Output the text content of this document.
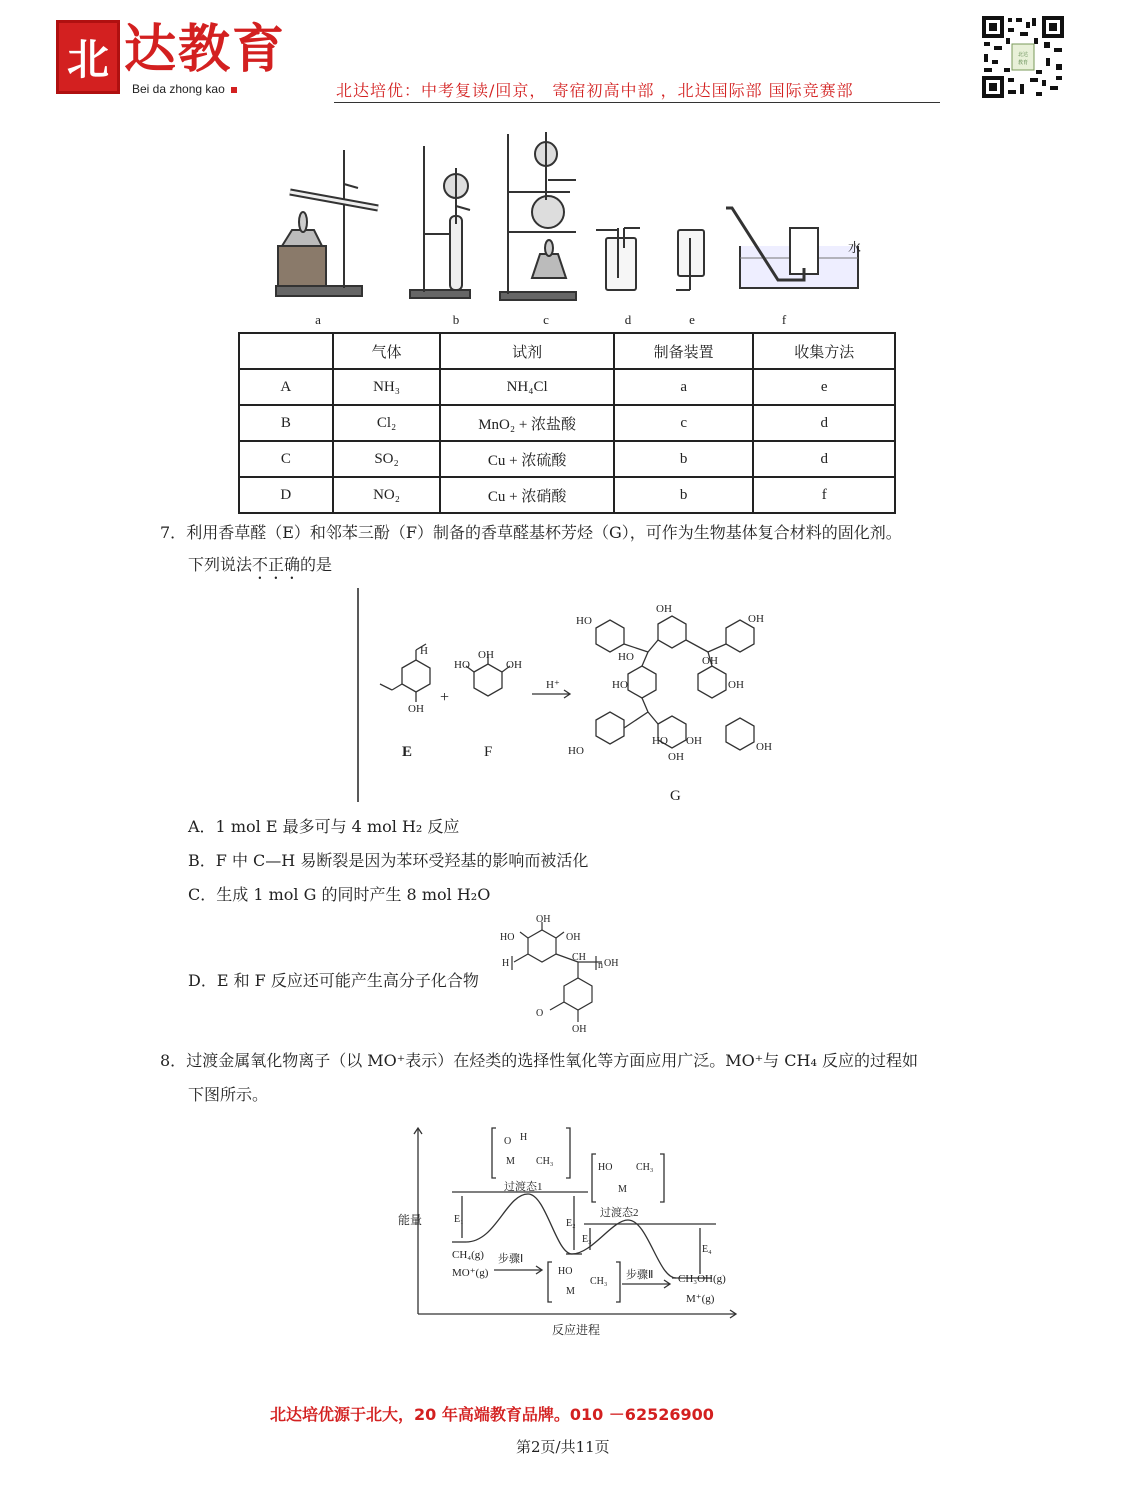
北 达教育
Bei da zhong kao	北达培优：中考复读/回京， 寄宿初高中部 ，北达国际部 国际竞赛部
北达
教育
水
a	b	c	d	e	f
	气体	试剂	制备装置	收集方法
A	NH₃	NH₄Cl	a	e
B	Cl₂	MnO₂ + 浓盐酸	c	d
C	SO₂	Cu + 浓硫酸	b	d
D	NO₂	Cu + 浓硝酸	b	f
7．利用香草醛（E）和邻苯三酚（F）制备的香草醛基杯芳烃（G），可作为生物基体复合材料的固化剂。
下列说法不正确的是
H
OH
OH
HO	OH
HO
OH
HO
HO
OH
OH
HO
HO OH
OH
OH
OH
H⁺
+
E	F
G
A．1 mol E 最多可与 4 mol H₂ 反应
B．F 中 C—H 易断裂是因为苯环受羟基的影响而被活化
C．生成 1 mol G 的同时产生 8 mol H₂O
D．E 和 F 反应还可能产生高分子化合物
OH
HO	OH
H
CH
n OH
O
OH
8．过渡金属氧化物离子（以 MO⁺表示）在烃类的选择性氧化等方面应用广泛。MO⁺与 CH₄ 反应的过程如
下图所示。
O H
M CH₃
HO CH₃
M
HO
M
CH₃
能量
反应进程
过渡态1
过渡态2
CH₄(g)
MO⁺(g)
步骤Ⅰ
步骤Ⅱ CH₃OH(g)
M⁺(g)
E₁	E₂
E₃
E₄
北达培优源于北大，20 年高端教育品牌。010 －62526900
第2页/共11页
